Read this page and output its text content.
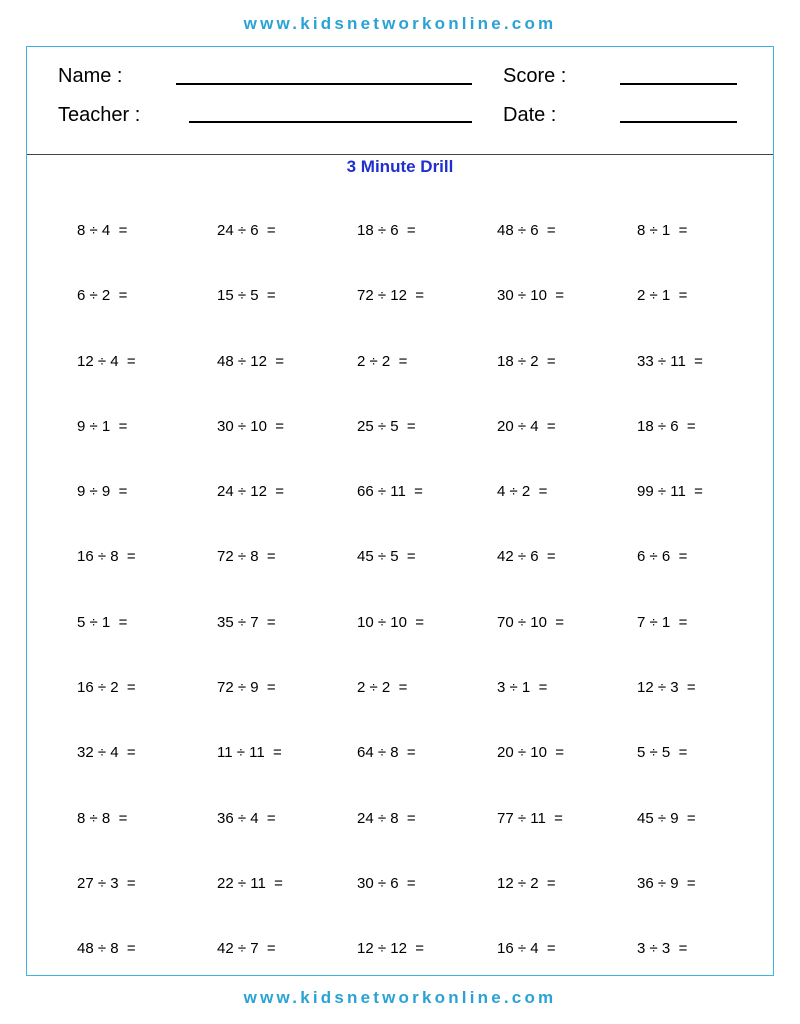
www.kidsnetworkonline.com
Name :	Score :
Teacher :	Date :
3 Minute Drill
8 ÷ 4  =	24 ÷ 6  =	18 ÷ 6  =	48 ÷ 6  =	8 ÷ 1  =
6 ÷ 2  =	15 ÷ 5  =	72 ÷ 12  =	30 ÷ 10  =	2 ÷ 1  =
12 ÷ 4  =	48 ÷ 12  =	2 ÷ 2  =	18 ÷ 2  =	33 ÷ 11  =
9 ÷ 1  =	30 ÷ 10  =	25 ÷ 5  =	20 ÷ 4  =	18 ÷ 6  =
9 ÷ 9  =	24 ÷ 12  =	66 ÷ 11  =	4 ÷ 2  =	99 ÷ 11  =
16 ÷ 8  =	72 ÷ 8  =	45 ÷ 5  =	42 ÷ 6  =	6 ÷ 6  =
5 ÷ 1  =	35 ÷ 7  =	10 ÷ 10  =	70 ÷ 10  =	7 ÷ 1  =
16 ÷ 2  =	72 ÷ 9  =	2 ÷ 2  =	3 ÷ 1  =	12 ÷ 3  =
32 ÷ 4  =	11 ÷ 11  =	64 ÷ 8  =	20 ÷ 10  =	5 ÷ 5  =
8 ÷ 8  =	36 ÷ 4  =	24 ÷ 8  =	77 ÷ 11  =	45 ÷ 9  =
27 ÷ 3  =	22 ÷ 11  =	30 ÷ 6  =	12 ÷ 2  =	36 ÷ 9  =
48 ÷ 8  =	42 ÷ 7  =	12 ÷ 12  =	16 ÷ 4  =	3 ÷ 3  =
www.kidsnetworkonline.com
